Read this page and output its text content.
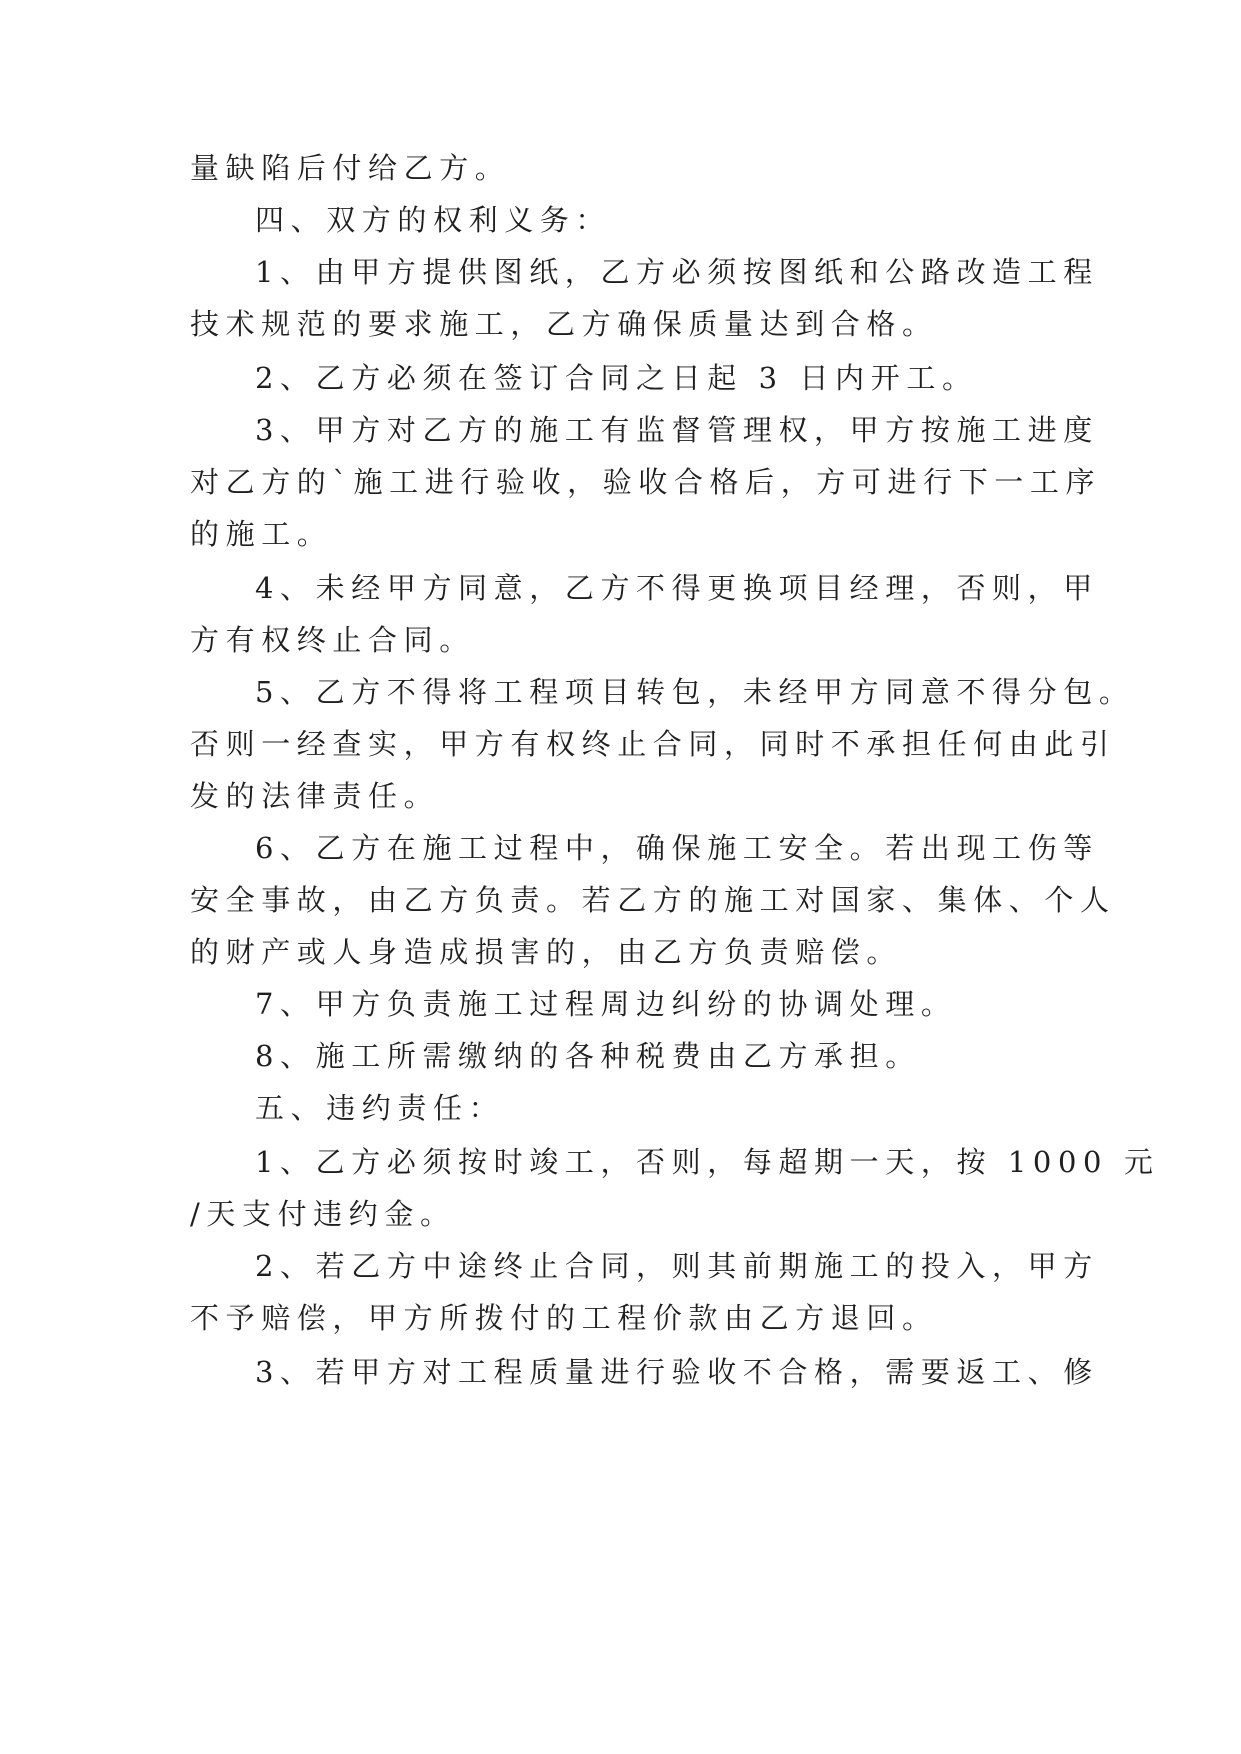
量缺陷后付给乙方。
四、双方的权利义务：
1、由甲方提供图纸，乙方必须按图纸和公路改造工程
技术规范的要求施工，乙方确保质量达到合格。
2、乙方必须在签订合同之日起 3 日内开工。
3、甲方对乙方的施工有监督管理权，甲方按施工进度
对乙方的`施工进行验收，验收合格后，方可进行下一工序
的施工。
4、未经甲方同意，乙方不得更换项目经理，否则，甲
方有权终止合同。
5、乙方不得将工程项目转包，未经甲方同意不得分包。
否则一经查实，甲方有权终止合同，同时不承担任何由此引
发的法律责任。
6、乙方在施工过程中，确保施工安全。若出现工伤等
安全事故，由乙方负责。若乙方的施工对国家、集体、个人
的财产或人身造成损害的，由乙方负责赔偿。
7、甲方负责施工过程周边纠纷的协调处理。
8、施工所需缴纳的各种税费由乙方承担。
五、违约责任：
1、乙方必须按时竣工，否则，每超期一天，按 1000 元
/天支付违约金。
2、若乙方中途终止合同，则其前期施工的投入，甲方
不予赔偿，甲方所拨付的工程价款由乙方退回。
3、若甲方对工程质量进行验收不合格，需要返工、修
